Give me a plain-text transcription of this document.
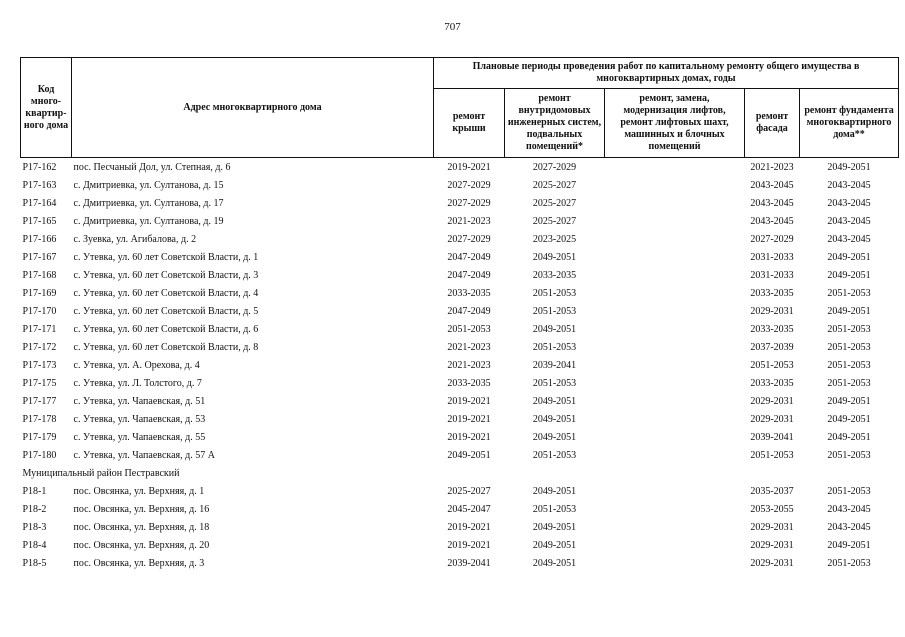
707
Код много-квартир-ного дома	Адрес многоквартирного дома	Плановые периоды проведения работ по капитальному ремонту общего имущества в многоквартирных домах, годы				
		ремонт крыши	ремонт внутридомовых инженерных систем, подвальных помещений*	ремонт, замена, модернизация лифтов, ремонт лифтовых шахт, машинных и блочных помещений	ремонт фасада	ремонт фундамента многоквартирного дома**
Р17-162	пос. Песчаный Дол, ул. Степная, д. 6	2019-2021	2027-2029		2021-2023	2049-2051
Р17-163	с. Дмитриевка, ул. Султанова, д. 15	2027-2029	2025-2027		2043-2045	2043-2045
Р17-164	с. Дмитриевка, ул. Султанова, д. 17	2027-2029	2025-2027		2043-2045	2043-2045
Р17-165	с. Дмитриевка, ул. Султанова, д. 19	2021-2023	2025-2027		2043-2045	2043-2045
Р17-166	с. Зуевка, ул. Агибалова, д. 2	2027-2029	2023-2025		2027-2029	2043-2045
Р17-167	с. Утевка, ул. 60 лет Советской Власти, д. 1	2047-2049	2049-2051		2031-2033	2049-2051
Р17-168	с. Утевка, ул. 60 лет Советской Власти, д. 3	2047-2049	2033-2035		2031-2033	2049-2051
Р17-169	с. Утевка, ул. 60 лет Советской Власти, д. 4	2033-2035	2051-2053		2033-2035	2051-2053
Р17-170	с. Утевка, ул. 60 лет Советской Власти, д. 5	2047-2049	2051-2053		2029-2031	2049-2051
Р17-171	с. Утевка, ул. 60 лет Советской Власти, д. 6	2051-2053	2049-2051		2033-2035	2051-2053
Р17-172	с. Утевка, ул. 60 лет Советской Власти, д. 8	2021-2023	2051-2053		2037-2039	2051-2053
Р17-173	с. Утевка, ул. А. Орехова, д. 4	2021-2023	2039-2041		2051-2053	2051-2053
Р17-175	с. Утевка, ул. Л. Толстого, д. 7	2033-2035	2051-2053		2033-2035	2051-2053
Р17-177	с. Утевка, ул. Чапаевская, д. 51	2019-2021	2049-2051		2029-2031	2049-2051
Р17-178	с. Утевка, ул. Чапаевская, д. 53	2019-2021	2049-2051		2029-2031	2049-2051
Р17-179	с. Утевка, ул. Чапаевская, д. 55	2019-2021	2049-2051		2039-2041	2049-2051
Р17-180	с. Утевка, ул. Чапаевская, д. 57 А	2049-2051	2051-2053		2051-2053	2051-2053
Муниципальный район Пестравский						
Р18-1	пос. Овсянка, ул. Верхняя, д. 1	2025-2027	2049-2051		2035-2037	2051-2053
Р18-2	пос. Овсянка, ул. Верхняя, д. 16	2045-2047	2051-2053		2053-2055	2043-2045
Р18-3	пос. Овсянка, ул. Верхняя, д. 18	2019-2021	2049-2051		2029-2031	2043-2045
Р18-4	пос. Овсянка, ул. Верхняя, д. 20	2019-2021	2049-2051		2029-2031	2049-2051
Р18-5	пос. Овсянка, ул. Верхняя, д. 3	2039-2041	2049-2051		2029-2031	2051-2053
